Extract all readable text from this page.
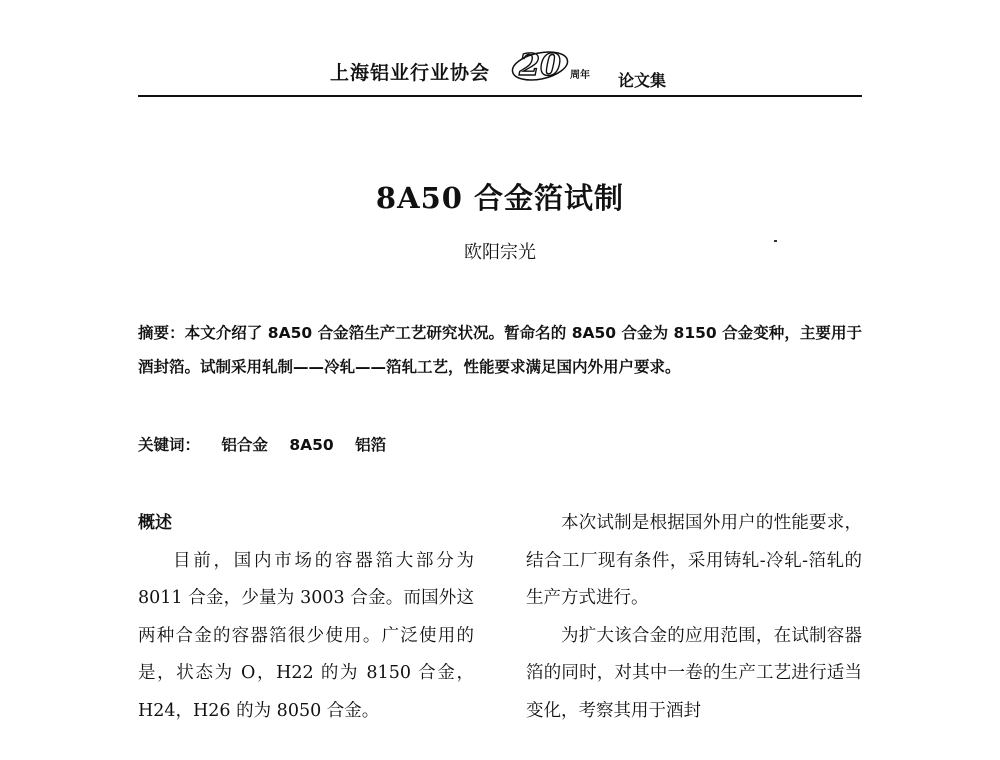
上海铝业行业协会 20 周年 论文集
8A50 合金箔试制
欧阳宗光
摘要：本文介绍了 8A50 合金箔生产工艺研究状况。暂命名的 8A50 合金为 8150 合金变种，主要用于酒封箔。试制采用轧制——冷轧——箔轧工艺，性能要求满足国内外用户要求。
关键词： 铝合金 8A50 铝箔
概述

目前，国内市场的容器箔大部分为 8011 合金，少量为 3003 合金。而国外这两种合金的容器箔很少使用。广泛使用的是，状态为 O，H22 的为 8150 合金，H24，H26 的为 8050 合金。

本次试制是根据国外用户的性能要求，结合工厂现有条件，采用铸轧-冷轧-箔轧的生产方式进行。

为扩大该合金的应用范围，在试制容器箔的同时，对其中一卷的生产工艺进行适当变化，考察其用于酒封
